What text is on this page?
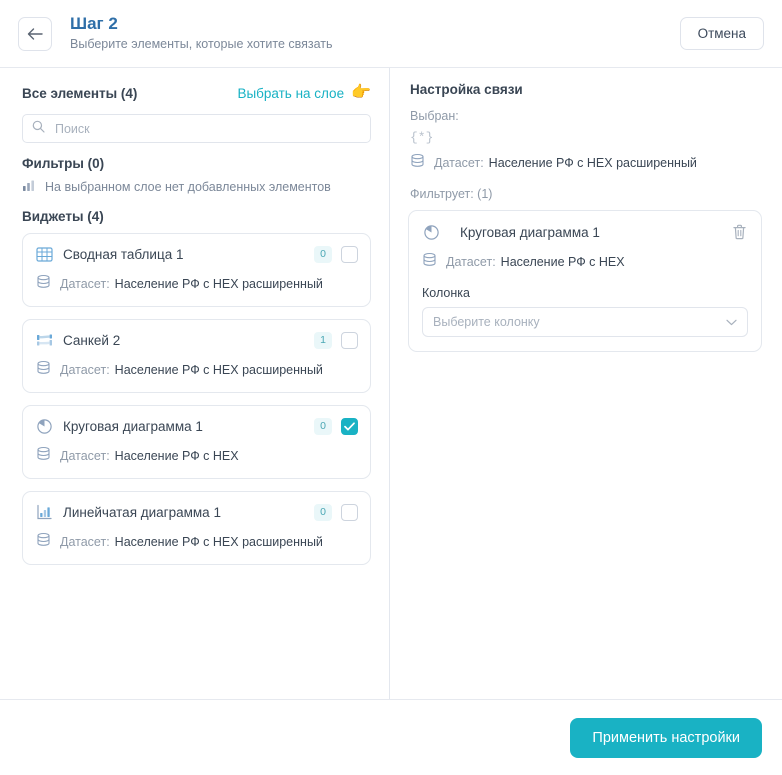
Шаг 2
Выберите элементы, которые хотите связать
Отмена
Все элементы (4)	Выбрать на слое 👉
Поиск
Фильтры (0)
На выбранном слое нет добавленных элементов
Виджеты (4)
Сводная таблица 1	0
Датасет: Население РФ с HEX расширенный
Санкей 2	1
Датасет: Население РФ с HEX расширенный
Круговая диаграмма 1	0
Датасет: Население РФ с HEX
Линейчатая диаграмма 1	0
Датасет: Население РФ с HEX расширенный
Настройка связи
Выбран:
{*}
Датасет: Население РФ с HEX расширенный
Фильтрует: (1)
Круговая диаграмма 1
Датасет: Население РФ с HEX
Колонка
Выберите колонку
Применить настройки
